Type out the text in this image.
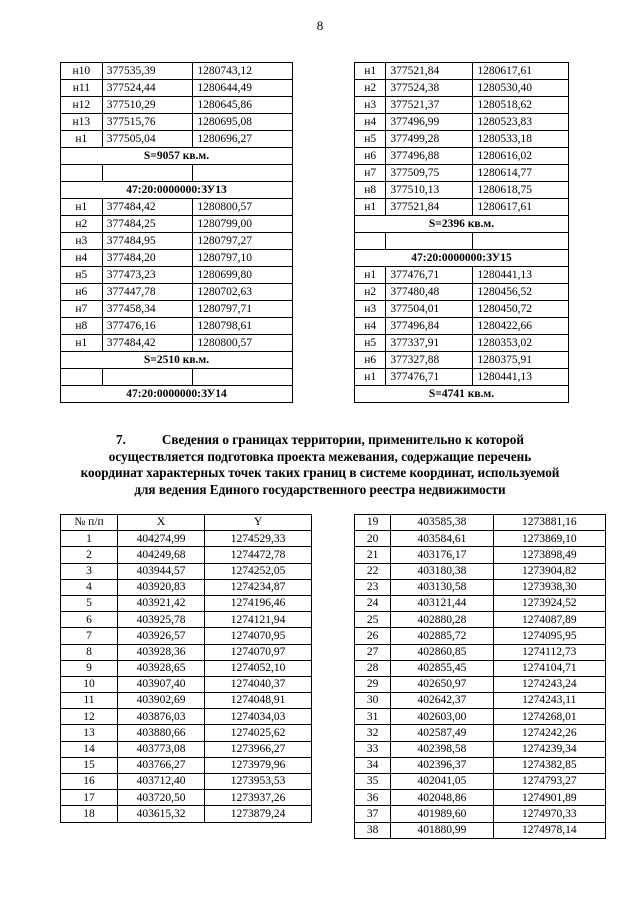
8
н10	377535,39	1280743,12
н11	377524,44	1280644,49
н12	377510,29	1280645,86
н13	377515,76	1280695,08
н1	377505,04	1280696,27
S=9057 кв.м.		

47:20:0000000:ЗУ13		
н1	377484,42	1280800,57
н2	377484,25	1280799,00
н3	377484,95	1280797,27
н4	377484,20	1280797,10
н5	377473,23	1280699,80
н6	377447,78	1280702,63
н7	377458,34	1280797,71
н8	377476,16	1280798,61
н1	377484,42	1280800,57
S=2510 кв.м.		

47:20:0000000:ЗУ14		
н1	377521,84	1280617,61
н2	377524,38	1280530,40
н3	377521,37	1280518,62
н4	377496,99	1280523,83
н5	377499,28	1280533,18
н6	377496,88	1280616,02
н7	377509,75	1280614,77
н8	377510,13	1280618,75
н1	377521,84	1280617,61
S=2396 кв.м.		

47:20:0000000:ЗУ15		
н1	377476,71	1280441,13
н2	377480,48	1280456,52
н3	377504,01	1280450,72
н4	377496,84	1280422,66
н5	377337,91	1280353,02
н6	377327,88	1280375,91
н1	377476,71	1280441,13
S=4741 кв.м.		
7.	Сведения о границах территории, применительно к которой
осуществляется подготовка проекта межевания, содержащие перечень
координат характерных точек таких границ в системе координат, используемой
для ведения Единого государственного реестра недвижимости
№ п/п	X	Y
1	404274,99	1274529,33
2	404249,68	1274472,78
3	403944,57	1274252,05
4	403920,83	1274234,87
5	403921,42	1274196,46
6	403925,78	1274121,94
7	403926,57	1274070,95
8	403928,36	1274070,97
9	403928,65	1274052,10
10	403907,40	1274040,37
11	403902,69	1274048,91
12	403876,03	1274034,03
13	403880,66	1274025,62
14	403773,08	1273966,27
15	403766,27	1273979,96
16	403712,40	1273953,53
17	403720,50	1273937,26
18	403615,32	1273879,24
19	403585,38	1273881,16
20	403584,61	1273869,10
21	403176,17	1273898,49
22	403180,38	1273904,82
23	403130,58	1273938,30
24	403121,44	1273924,52
25	402880,28	1274087,89
26	402885,72	1274095,95
27	402860,85	1274112,73
28	402855,45	1274104,71
29	402650,97	1274243,24
30	402642,37	1274243,11
31	402603,00	1274268,01
32	402587,49	1274242,26
33	402398,58	1274239,34
34	402396,37	1274382,85
35	402041,05	1274793,27
36	402048,86	1274901,89
37	401989,60	1274970,33
38	401880,99	1274978,14
